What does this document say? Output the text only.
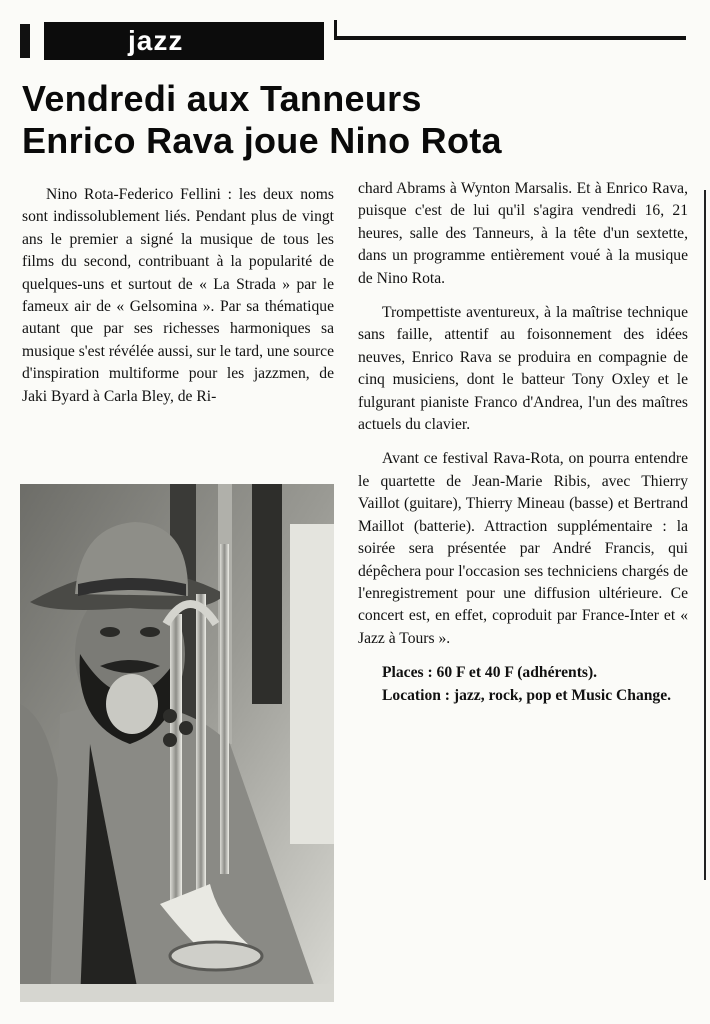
jazz
Vendredi aux Tanneurs
Enrico Rava joue Nino Rota

Nino Rota-Federico Fellini : les deux noms sont indissolublement liés. Pendant plus de vingt ans le premier a signé la musique de tous les films du second, contribuant à la popularité de quelques-uns et surtout de « La Strada » par le fameux air de « Gelsomina ». Par sa thématique autant que par ses richesses harmoniques sa musique s'est révélée aussi, sur le tard, une source d'inspiration multiforme pour les jazzmen, de Jaki Byard à Carla Bley, de Ri-

chard Abrams à Wynton Marsalis. Et à Enrico Rava, puisque c'est de lui qu'il s'agira vendredi 16, 21 heures, salle des Tanneurs, à la tête d'un sextette, dans un programme entièrement voué à la musique de Nino Rota.

Trompettiste aventureux, à la maîtrise technique sans faille, attentif au foisonnement des idées neuves, Enrico Rava se produira en compagnie de cinq musiciens, dont le batteur Tony Oxley et le fulgurant pianiste Franco d'Andrea, l'un des maîtres actuels du clavier.

Avant ce festival Rava-Rota, on pourra entendre le quartette de Jean-Marie Ribis, avec Thierry Vaillot (guitare), Thierry Mineau (basse) et Bertrand Maillot (batterie). Attraction supplémentaire : la soirée sera présentée par André Francis, qui dépêchera pour l'occasion ses techniciens chargés de l'enregistrement pour une diffusion ultérieure. Ce concert est, en effet, coproduit par France-Inter et « Jazz à Tours ».

Places : 60 F et 40 F (adhérents).

Location : jazz, rock, pop et Music Change.
